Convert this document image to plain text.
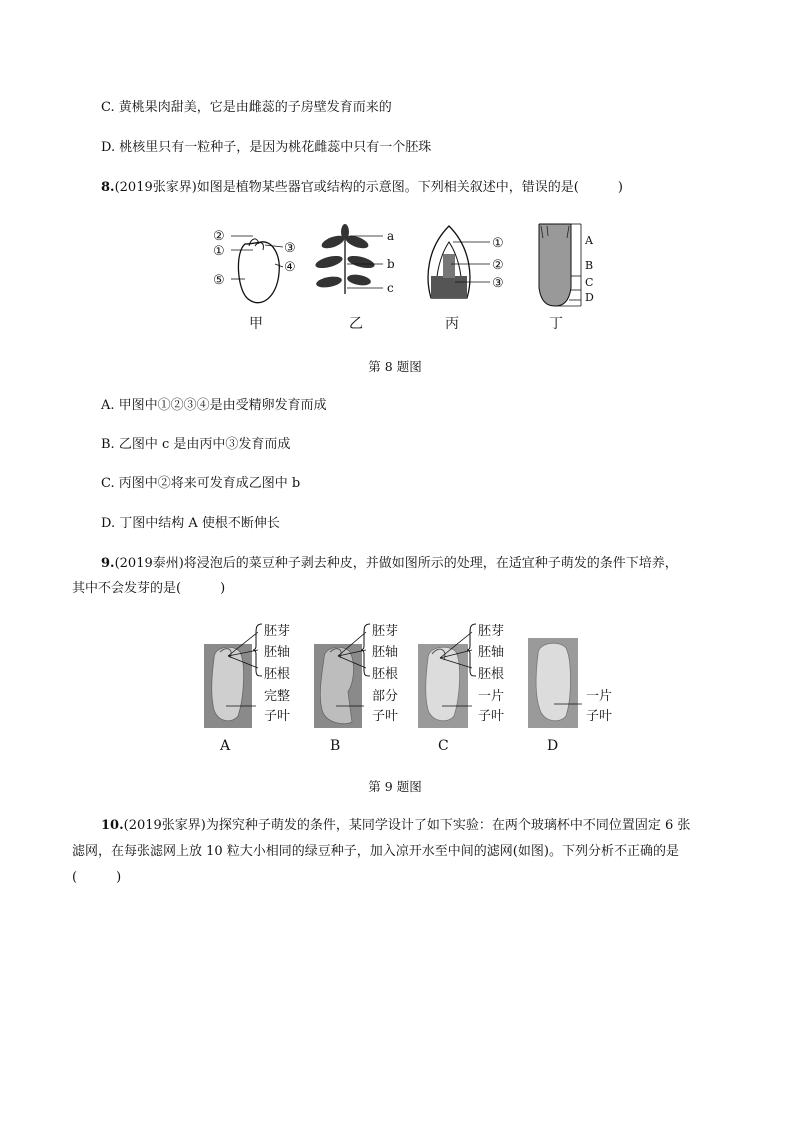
C. 黄桃果肉甜美，它是由雌蕊的子房壁发育而来的
D. 桃核里只有一粒种子，是因为桃花雌蕊中只有一个胚珠
8.(2019张家界)如图是植物某些器官或结构的示意图。下列相关叙述中，错误的是(　　　)
②
①
⑤
③
④
甲
a
b
c
乙
①
②
③
丙
A
B
C
D
丁
第 8 题图
A. 甲图中①②③④是由受精卵发育而成
B. 乙图中 c 是由丙中③发育而成
C. 丙图中②将来可发育成乙图中 b
D. 丁图中结构 A 使根不断伸长
9.(2019泰州)将浸泡后的菜豆种子剥去种皮，并做如图所示的处理，在适宜种子萌发的条件下培养，
其中不会发芽的是(　　　)
胚芽
胚轴
胚根
完整
子叶
A
胚芽
胚轴
胚根
部分
子叶
B
胚芽
胚轴
胚根
一片
子叶
C
一片
子叶
D
第 9 题图
10.(2019张家界)为探究种子萌发的条件，某同学设计了如下实验：在两个玻璃杯中不同位置固定 6 张
滤网，在每张滤网上放 10 粒大小相同的绿豆种子，加入凉开水至中间的滤网(如图)。下列分析不正确的是
(　　　)
